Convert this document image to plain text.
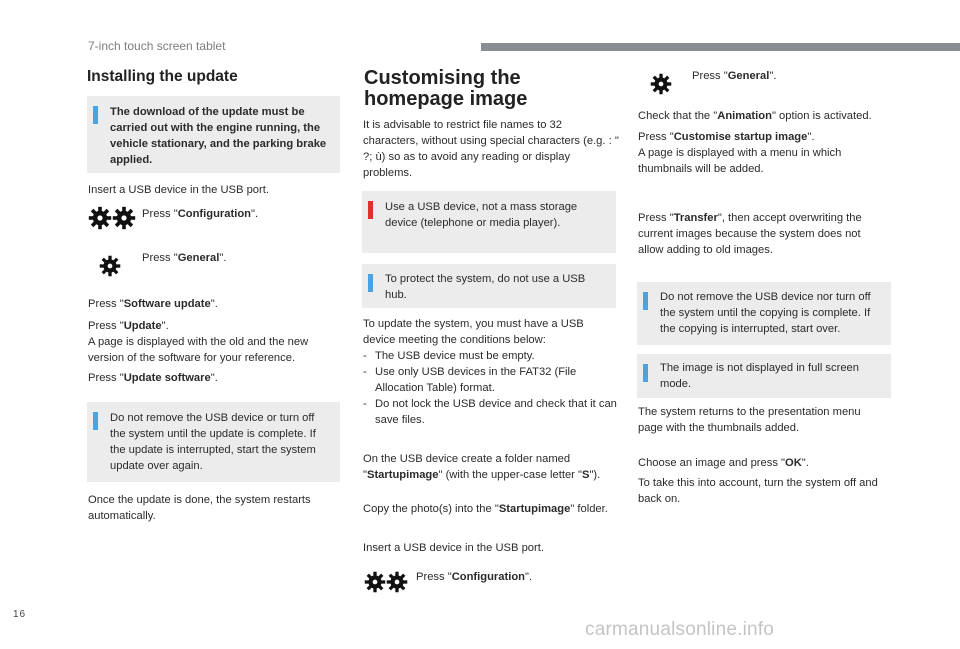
7-inch touch screen tablet
Installing the update
The download of the update must be carried out with the engine running, the vehicle stationary, and the parking brake applied.

Insert a USB device in the USB port.

Press "Configuration".

Press "General".

Press "Software update".

Press "Update".

A page is displayed with the old and the new version of the software for your reference.

Press "Update software".

Do not remove the USB device or turn off the system until the update is complete. If the update is interrupted, start the system update over again.

Once the update is done, the system restarts automatically.

Customising the homepage image

It is advisable to restrict file names to 32 characters, without using special characters (e.g. : " ?; ù) so as to avoid any reading or display problems.

Use a USB device, not a mass storage device (telephone or media player).
To protect the system, do not use a USB hub.

To update the system, you must have a USB device meeting the conditions below:

- The USB device must be empty.
- Use only USB devices in the FAT32 (File Allocation Table) format.
- Do not lock the USB device and check that it can save files.

On the USB device create a folder named "Startupimage" (with the upper-case letter "S").

Copy the photo(s) into the "Startupimage" folder.

Insert a USB device in the USB port.

Press "Configuration".

Press "General".

Check that the "Animation" option is activated.

Press "Customise startup image".

A page is displayed with a menu in which thumbnails will be added.

Press "Transfer", then accept overwriting the current images because the system does not allow adding to old images.

Do not remove the USB device nor turn off the system until the copying is complete. If the copying is interrupted, start over.
The image is not displayed in full screen mode.

The system returns to the presentation menu page with the thumbnails added.

Choose an image and press "OK".

To take this into account, turn the system off and back on.

16
carmanualsonline.info
